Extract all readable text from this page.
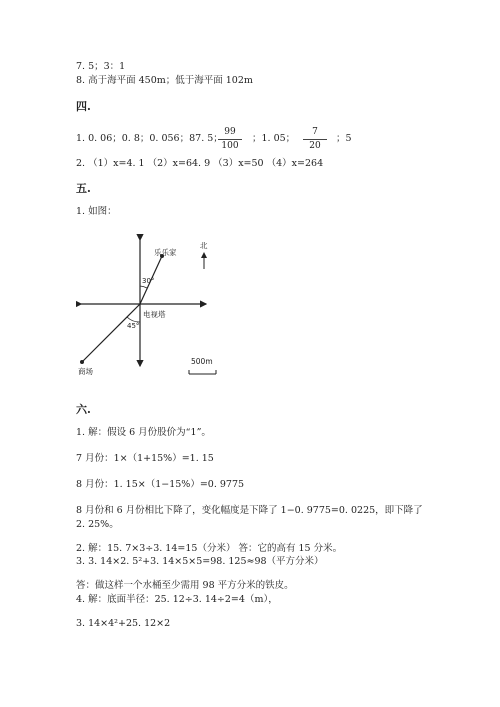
7. 5；3：1
8. 高于海平面 450m；低于海平面 102m
四.
1. 0. 06；0. 8；0. 056；87. 5；
99
100
；1. 05；
7
20
；5
2. （1）x=4. 1 （2）x=64. 9 （3）x=50 （4）x=264
五.
1. 如图：
乐乐家
北
电视塔
商场
30°
45°
500m
六.
1. 解：假设 6 月份股价为“1”。
7 月份：1×（1+15%）=1. 15
8 月份：1. 15×（1−15%）=0. 9775
8 月份和 6 月份相比下降了，变化幅度是下降了 1−0. 9775=0. 0225，即下降了
2. 25%。
2. 解：15. 7×3÷3. 14=15（分米） 答：它的高有 15 分米。
3. 3. 14×2. 5²+3. 14×5×5=98. 125≈98（平方分米）
答：做这样一个水桶至少需用 98 平方分米的铁皮。
4. 解：底面半径：25. 12÷3. 14÷2=4（m），
3. 14×4²+25. 12×2
